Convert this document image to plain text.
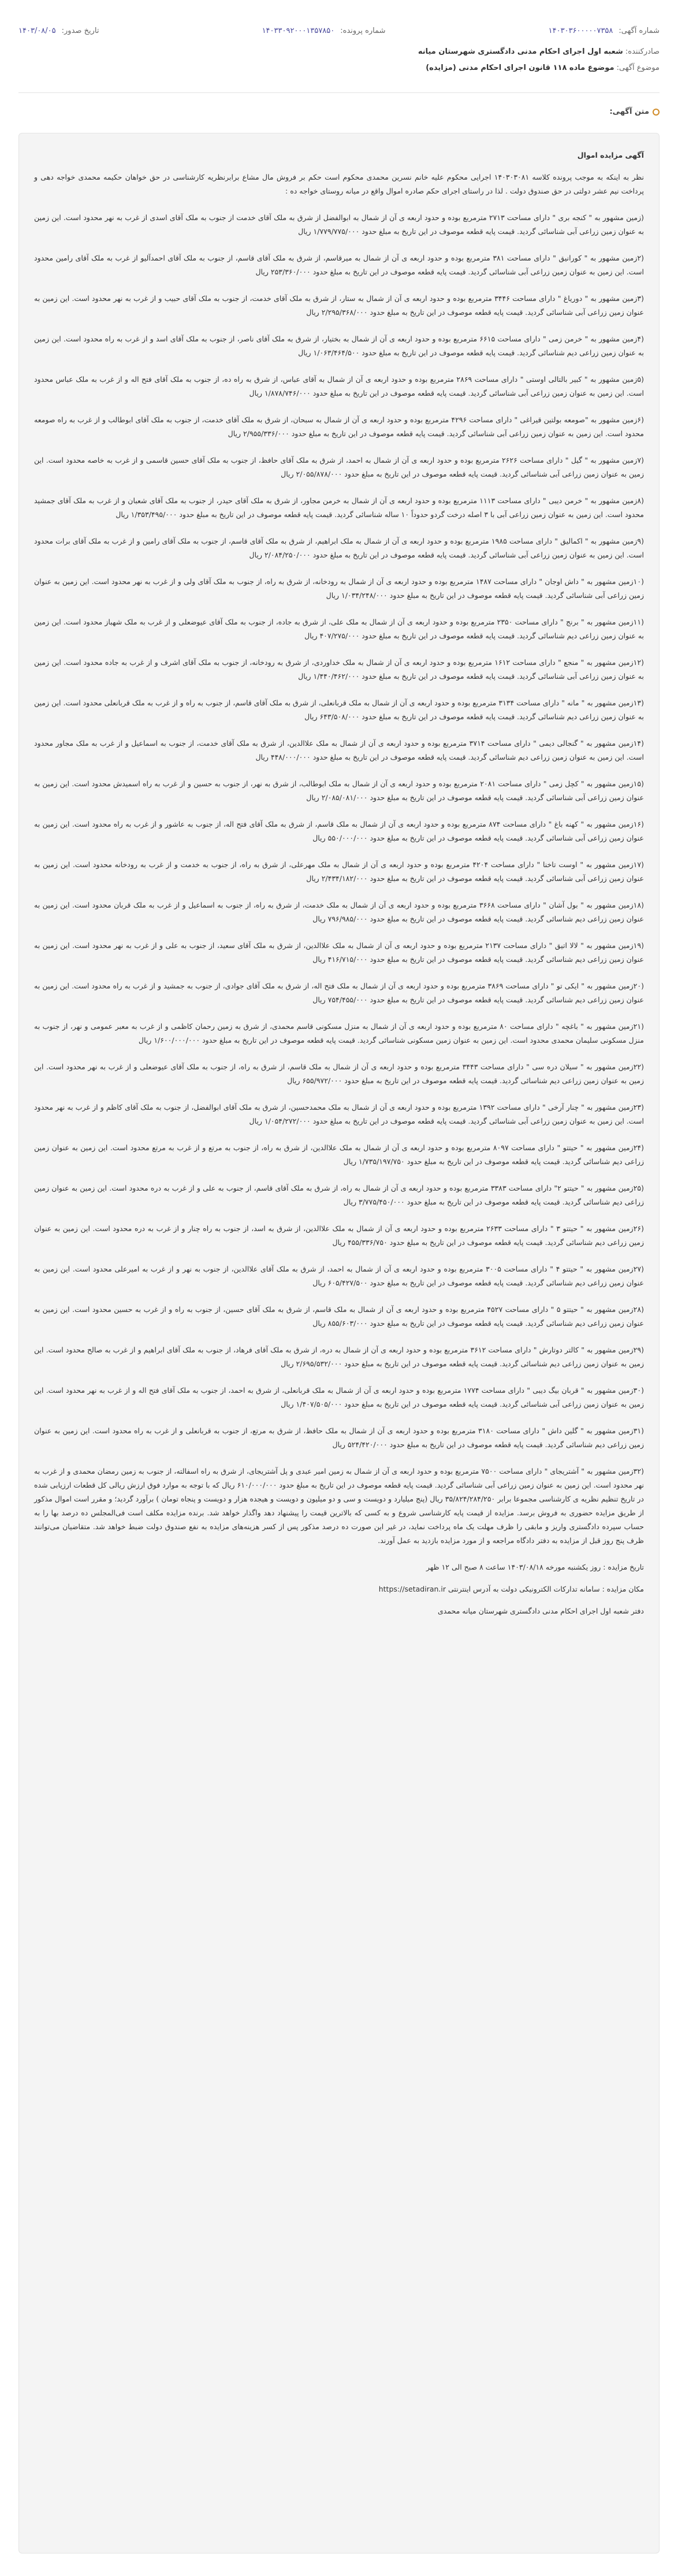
شماره آگهی:
۱۴۰۳۰۳۶۰۰۰۰۰۷۳۵۸
شماره پرونده:
۱۴۰۳۳۰۹۲۰۰۰۱۳۵۷۸۵۰
تاریخ صدور:
۱۴۰۳/۰۸/۰۵
صادرکننده: شعبه اول اجرای احکام مدنی دادگستری شهرستان میانه
موضوع آگهی: موضوع ماده ۱۱۸ قانون اجرای احکام مدنی (مزایده)
متن آگهی:
آگهی مزایده اموال

نظر به اینکه به موجب پرونده کلاسه ۱۴۰۳۰۳۰۸۱ اجرایی محکوم علیه خانم نسرین محمدی محکوم است حکم بر فروش مال مشاع برابرنظریه کارشناسی در حق خواهان حکیمه محمدی خواجه دهی و پرداخت نیم عشر دولتی در حق صندوق دولت . لذا در راستای اجرای حکم صادره اموال واقع در میانه روستای خواجه ده :

(زمین مشهور به " کنجه بری " دارای مساحت ۲۷۱۳ مترمربع بوده و حدود اربعه ی آن از شمال به ابوالفضل از شرق به ملک آقای خدمت از جنوب به ملک آقای اسدی از غرب به نهر محدود است. این زمین به عنوان زمین زراعی آبی شناسائی گردید. قیمت پایه قطعه موصوف در این تاریخ به مبلغ حدود ۱/۷۷۹/۷۷۵/۰۰۰ ریال

(۲زمین مشهور به " کورانیق " دارای مساحت ۳۸۱ مترمربع بوده و حدود اربعه ی آن از شمال به میرقاسم، از شرق به ملک آقای قاسم، از جنوب به ملک آقای احمدآلیو از غرب به ملک آقای رامین محدود است. این زمین به عنوان زمین زراعی آبی شناسائی گردید. قیمت پایه قطعه موصوف در این تاریخ به مبلغ حدود ۲۵۳/۳۶۰/۰۰۰ ریال

(۳زمین مشهور به " دوریاغ " دارای مساحت ۳۴۴۶ مترمربع بوده و حدود اربعه ی آن از شمال به ستار، از شرق به ملک آقای خدمت، از جنوب به ملک آقای حبیب و از غرب به نهر محدود است. این زمین به عنوان زمین زراعی آبی شناسائی گردید. قیمت پایه قطعه موصوف در این تاریخ به مبلغ حدود ۲/۲۹۵/۳۶۸/۰۰۰ ریال

(۴زمین مشهور به " خرمن زمی " دارای مساحت ۶۶۱۵ مترمربع بوده و حدود اربعه ی آن از شمال به بختیار، از شرق به ملک آقای ناصر، از جنوب به ملک آقای اسد و از غرب به راه محدود است. این زمین به عنوان زمین زراعی دیم شناسائی گردید. قیمت پایه قطعه موصوف در این تاریخ به مبلغ حدود ۱/۰۶۳/۴۶۴/۵۰۰ ریال

(۵زمین مشهور به " کبیر بالتالی اوستی " دارای مساحت ۲۸۶۹ مترمربع بوده و حدود اربعه ی آن از شمال به آقای عباس، از شرق به راه ده، از جنوب به ملک آقای فتح اله و از غرب به ملک عباس محدود است. این زمین به عنوان زمین زراعی آبی شناسائی گردید. قیمت پایه قطعه موصوف در این تاریخ به مبلغ حدود ۱/۸۷۸/۷۴۶/۰۰۰ ریال

(۶زمین مشهور به "صومعه بولتین قیراغی " دارای مساحت ۴۲۹۶ مترمربع بوده و حدود اربعه ی آن از شمال به سبحان، از شرق به ملک آقای خدمت، از جنوب به ملک آقای ابوطالب و از غرب به راه صومعه محدود است. این زمین به عنوان زمین زراعی آبی شناسائی گردید. قیمت پایه قطعه موصوف در این تاریخ به مبلغ حدود ۲/۹۵۵/۳۳۶/۰۰۰ ریال

(۷زمین مشهور به " گیل " دارای مساحت ۲۶۲۶ مترمربع بوده و حدود اربعه ی آن از شمال به احمد، از شرق به ملک آقای حافظ، از جنوب به ملک آقای حسین قاسمی و از غرب به خاصه محدود است. این زمین به عنوان زمین زراعی آبی شناسائی گردید. قیمت پایه قطعه موصوف در این تاریخ به مبلغ حدود ۲/۰۵۵/۸۷۸/۰۰۰ ریال

(۸زمین مشهور به " خرمن دیبی " دارای مساحت ۱۱۱۳ مترمربع بوده و حدود اربعه ی آن از شمال به خرمن مجاور، از شرق به ملک آقای حیدر، از جنوب به ملک آقای شعبان و از غرب به ملک آقای جمشید محدود است. این زمین به عنوان زمین زراعی آبی با ۳ اصله درخت گردو حدوداً ۱۰ ساله شناسائی گردید. قیمت پایه قطعه موصوف در این تاریخ به مبلغ حدود ۱/۳۵۳/۴۹۵/۰۰۰ ریال

(۹زمین مشهور به " اکمالیق " دارای مساحت ۱۹۸۵ مترمربع بوده و حدود اربعه ی آن از شمال به ملک ابراهیم، از شرق به ملک آقای قاسم، از جنوب به ملک آقای رامین و از غرب به ملک آقای برات محدود است. این زمین به عنوان زمین زراعی آبی شناسائی گردید. قیمت پایه قطعه موصوف در این تاریخ به مبلغ حدود ۲/۰۸۴/۲۵۰/۰۰۰ ریال

(۱۰زمین مشهور به " داش اوجان " دارای مساحت ۱۴۸۷ مترمربع بوده و حدود اربعه ی آن از شمال به رودخانه، از شرق به راه، از جنوب به ملک آقای ولی و از غرب به نهر محدود است. این زمین به عنوان زمین زراعی آبی شناسائی گردید. قیمت پایه قطعه موصوف در این تاریخ به مبلغ حدود ۱/۰۳۴/۲۴۸/۰۰۰ ریال

(۱۱زمین مشهور به " برنج " دارای مساحت ۲۳۵۰ مترمربع بوده و حدود اربعه ی آن از شمال به ملک علی، از شرق به جاده، از جنوب به ملک آقای عیوضعلی و از غرب به ملک شهباز محدود است. این زمین به عنوان زمین زراعی دیم شناسائی گردید. قیمت پایه قطعه موصوف در این تاریخ به مبلغ حدود ۴۰۷/۲۷۵/۰۰۰ ریال

(۱۲زمین مشهور به " منجع " دارای مساحت ۱۶۱۲ مترمربع بوده و حدود اربعه ی آن از شمال به ملک خداوردی، از شرق به رودخانه، از جنوب به ملک آقای اشرف و از غرب به جاده محدود است. این زمین به عنوان زمین زراعی آبی شناسائی گردید. قیمت پایه قطعه موصوف در این تاریخ به مبلغ حدود ۱/۴۴۰/۴۶۲/۰۰۰ ریال

(۱۳زمین مشهور به " مانه " دارای مساحت ۳۱۳۴ مترمربع بوده و حدود اربعه ی آن از شمال به ملک قربانعلی، از شرق به ملک آقای قاسم، از جنوب به راه و از غرب به ملک قربانعلی محدود است. این زمین به عنوان زمین زراعی دیم شناسائی گردید. قیمت پایه قطعه موصوف در این تاریخ به مبلغ حدود ۶۴۳/۵۰۸/۰۰۰ ریال

(۱۴زمین مشهور به " گنجالی دیمی " دارای مساحت ۳۷۱۴ مترمربع بوده و حدود اربعه ی آن از شمال به ملک علاالدین، از شرق به ملک آقای خدمت، از جنوب به اسماعیل و از غرب به ملک مجاور محدود است. این زمین به عنوان زمین زراعی دیم شناسائی گردید. قیمت پایه قطعه موصوف در این تاریخ به مبلغ حدود ۴۴۸/۰۰۰/۰۰۰ ریال

(۱۵زمین مشهور به " کچل زمی " دارای مساحت ۲۰۸۱ مترمربع بوده و حدود اربعه ی آن از شمال به ملک ابوطالب، از شرق به نهر، از جنوب به حسین و از غرب به راه اسمیدش محدود است. این زمین به عنوان زمین زراعی آبی شناسائی گردید. قیمت پایه قطعه موصوف در این تاریخ به مبلغ حدود ۲/۰۸۵/۰۸۱/۰۰۰ ریال

(۱۶زمین مشهور به " کهنه باغ " دارای مساحت ۸۷۴ مترمربع بوده و حدود اربعه ی آن از شمال به ملک قاسم، از شرق به ملک آقای فتح اله، از جنوب به عاشور و از غرب به راه محدود است. این زمین به عنوان زمین زراعی آبی شناسائی گردید. قیمت پایه قطعه موصوف در این تاریخ به مبلغ حدود ۵۵۰/۰۰۰/۰۰۰ ریال

(۱۷زمین مشهور به " اوست تاخنا " دارای مساحت ۴۲۰۴ مترمربع بوده و حدود اربعه ی آن از شمال به ملک مهرعلی، از شرق به راه، از جنوب به خدمت و از غرب به رودخانه محدود است. این زمین به عنوان زمین زراعی آبی شناسائی گردید. قیمت پایه قطعه موصوف در این تاریخ به مبلغ حدود ۲/۴۳۴/۱۸۲/۰۰۰ ریال

(۱۸زمین مشهور به " بول آشان " دارای مساحت ۳۶۶۸ مترمربع بوده و حدود اربعه ی آن از شمال به ملک خدمت، از شرق به راه، از جنوب به اسماعیل و از غرب به ملک قربان محدود است. این زمین به عنوان زمین زراعی دیم شناسائی گردید. قیمت پایه قطعه موصوف در این تاریخ به مبلغ حدود ۷۹۶/۹۸۵/۰۰۰ ریال

(۱۹زمین مشهور به " لالا اتیق " دارای مساحت ۲۱۳۷ مترمربع بوده و حدود اربعه ی آن از شمال به ملک علاالدین، از شرق به ملک آقای سعید، از جنوب به علی و از غرب به نهر محدود است. این زمین به عنوان زمین زراعی دیم شناسائی گردید. قیمت پایه قطعه موصوف در این تاریخ به مبلغ حدود ۴۱۶/۷۱۵/۰۰۰ ریال

(۲۰زمین مشهور به " ایکی تو " دارای مساحت ۳۸۶۹ مترمربع بوده و حدود اربعه ی آن از شمال به ملک فتح اله، از شرق به ملک آقای جوادی، از جنوب به جمشید و از غرب به راه محدود است. این زمین به عنوان زمین زراعی دیم شناسائی گردید. قیمت پایه قطعه موصوف در این تاریخ به مبلغ حدود ۷۵۴/۴۵۵/۰۰۰ ریال

(۲۱زمین مشهور به " باغچه " دارای مساحت ۸۰ مترمربع بوده و حدود اربعه ی آن از شمال به منزل مسکونی قاسم محمدی، از شرق به زمین رحمان کاظمی و از غرب به معبر عمومی و نهر، از جنوب به منزل مسکونی سلیمان محمدی محدود است. این زمین به عنوان زمین مسکونی شناسائی گردید. قیمت پایه قطعه موصوف در این تاریخ به مبلغ حدود ۱/۶۰۰/۰۰۰/۰۰۰ ریال

(۲۲زمین مشهور به " سیلان دره سی " دارای مساحت ۳۴۴۳ مترمربع بوده و حدود اربعه ی آن از شمال به ملک قاسم، از شرق به راه، از جنوب به ملک آقای عیوضعلی و از غرب به نهر محدود است. این زمین به عنوان زمین زراعی دیم شناسائی گردید. قیمت پایه قطعه موصوف در این تاریخ به مبلغ حدود ۶۵۵/۹۷۲/۰۰۰ ریال

(۲۳زمین مشهور به " چنار آرخی " دارای مساحت ۱۳۹۲ مترمربع بوده و حدود اربعه ی آن از شمال به ملک محمدحسین، از شرق به ملک آقای ابوالفضل، از جنوب به ملک آقای کاظم و از غرب به نهر محدود است. این زمین به عنوان زمین زراعی آبی شناسائی گردید. قیمت پایه قطعه موصوف در این تاریخ به مبلغ حدود ۱/۰۵۴/۲۷۲/۰۰۰ ریال

(۲۴زمین مشهور به " حیتتو " دارای مساحت ۸۰۹۷ مترمربع بوده و حدود اربعه ی آن از شمال به ملک علاالدین، از شرق به راه، از جنوب به مرتع و از غرب به مرتع محدود است. این زمین به عنوان زمین زراعی دیم شناسائی گردید. قیمت پایه قطعه موصوف در این تاریخ به مبلغ حدود ۱/۷۳۵/۱۹۷/۷۵۰ ریال

(۲۵زمین مشهور به " حیتتو ۲" دارای مساحت ۳۳۸۳ مترمربع بوده و حدود اربعه ی آن از شمال به راه، از شرق به ملک آقای قاسم، از جنوب به علی و از غرب به دره محدود است. این زمین به عنوان زمین زراعی دیم شناسائی گردید. قیمت پایه قطعه موصوف در این تاریخ به مبلغ حدود ۳/۷۷۵/۴۵۰/۰۰۰ ریال

(۲۶زمین مشهور به " حیتتو ۳ " دارای مساحت ۲۶۳۳ مترمربع بوده و حدود اربعه ی آن از شمال به ملک علاالدین، از شرق به اسد، از جنوب به راه چنار و از غرب به دره محدود است. این زمین به عنوان زمین زراعی دیم شناسائی گردید. قیمت پایه قطعه موصوف در این تاریخ به مبلغ حدود ۴۵۵/۳۳۶/۷۵۰ ریال

(۲۷زمین مشهور به " حیتتو ۴ " دارای مساحت ۳۰۰۵ مترمربع بوده و حدود اربعه ی آن از شمال به احمد، از شرق به ملک آقای علاالدین، از جنوب به نهر و از غرب به امیرعلی محدود است. این زمین به عنوان زمین زراعی دیم شناسائی گردید. قیمت پایه قطعه موصوف در این تاریخ به مبلغ حدود ۶۰۵/۴۲۷/۵۰۰ ریال

(۲۸زمین مشهور به " حیتتو ۵ " دارای مساحت ۴۵۲۷ مترمربع بوده و حدود اربعه ی آن از شمال به ملک قاسم، از شرق به ملک آقای حسین، از جنوب به راه و از غرب به حسین محدود است. این زمین به عنوان زمین زراعی دیم شناسائی گردید. قیمت پایه قطعه موصوف در این تاریخ به مبلغ حدود ۸۵۵/۶۰۳/۰۰۰ ریال

(۲۹زمین مشهور به " کالتر دوتارش " دارای مساحت ۳۶۱۲ مترمربع بوده و حدود اربعه ی آن از شمال به دره، از شرق به ملک آقای فرهاد، از جنوب به ملک آقای ابراهیم و از غرب به صالح محدود است. این زمین به عنوان زمین زراعی دیم شناسائی گردید. قیمت پایه قطعه موصوف در این تاریخ به مبلغ حدود ۲/۶۹۵/۵۳۲/۰۰۰ ریال

(۳۰زمین مشهور به " قربان بیگ دیبی " دارای مساحت ۱۷۷۴ مترمربع بوده و حدود اربعه ی آن از شمال به ملک قربانعلی، از شرق به احمد، از جنوب به ملک آقای فتح اله و از غرب به نهر محدود است. این زمین به عنوان زمین زراعی آبی شناسائی گردید. قیمت پایه قطعه موصوف در این تاریخ به مبلغ حدود ۱/۴۰۷/۵۰۵/۰۰۰ ریال

(۳۱زمین مشهور به " گلین داش " دارای مساحت ۳۱۸۰ مترمربع بوده و حدود اربعه ی آن از شمال به ملک حافظ، از شرق به مرتع، از جنوب به قربانعلی و از غرب به راه محدود است. این زمین به عنوان زمین زراعی دیم شناسائی گردید. قیمت پایه قطعه موصوف در این تاریخ به مبلغ حدود ۵۲۴/۴۲۰/۰۰۰ ریال

(۳۲زمین مشهور به " آشتریجای " دارای مساحت ۷۵۰۰ مترمربع بوده و حدود اربعه ی آن از شمال به زمین امیر عبدی و پل آشتریجای، از شرق به راه اسفالته، از جنوب به زمین رمضان محمدی و از غرب به نهر محدود است. این زمین به عنوان زمین زراعی آبی شناسائی گردید. قیمت پایه قطعه موصوف در این تاریخ به مبلغ حدود ۶۱۰/۰۰۰/۰۰۰ ریال که با توجه به موارد فوق ارزش ریالی کل قطعات ارزیابی شده در تاریخ تنظیم نظریه ی کارشناسی مجموعا برابر ۳۵/۸۲۴/۲۸۴/۲۵۰ ریال (پنج میلیارد و دویست و سی و دو میلیون و دویست و هیجده هزار و دویست و پنجاه تومان ) برآورد گردید؛ و مقرر است اموال مذکور از طریق مزایده حضوری به فروش برسد. مزایده از قیمت پایه کارشناسی شروع و به کسی که بالاترین قیمت را پیشنهاد دهد واگذار خواهد شد. برنده مزایده مکلف است فی‌المجلس ده درصد بها را به حساب سپرده دادگستری واریز و مابقی را ظرف مهلت یک ماه پرداخت نماید، در غیر این صورت ده درصد مذکور پس از کسر هزینه‌های مزایده به نفع صندوق دولت ضبط خواهد شد. متقاضیان می‌توانند ظرف پنج روز قبل از مزایده به دفتر دادگاه مراجعه و از مورد مزایده بازدید به عمل آورند.

تاریخ مزایده : روز یکشنبه مورخه ۱۴۰۳/۰۸/۱۸ ساعت ۸ صبح الی ۱۲ ظهر

مکان مزایده : سامانه تدارکات الکترونیکی دولت به آدرس اینترنتی https://setadiran.ir

دفتر شعبه اول اجرای احکام مدنی دادگستری شهرستان میانه محمدی
